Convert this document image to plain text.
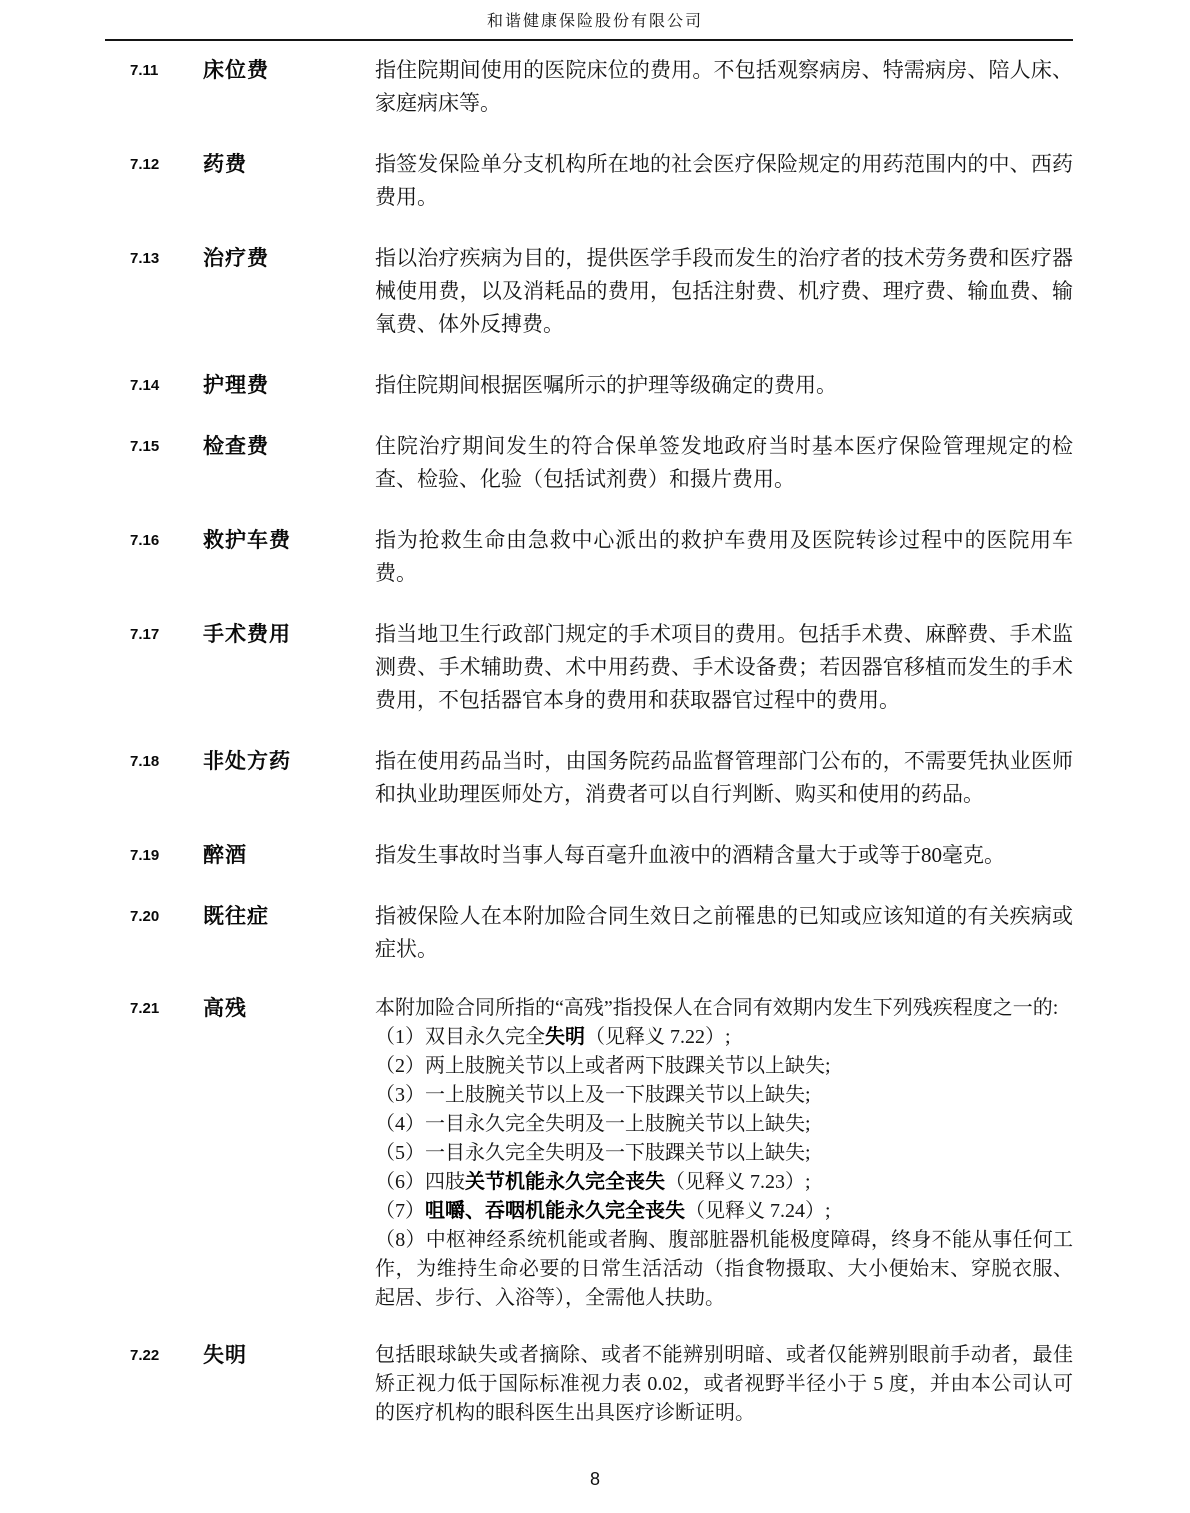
和谐健康保险股份有限公司
7.11	床位费	指住院期间使用的医院床位的费用。不包括观察病房、特需病房、陪人床、家庭病床等。
7.12	药费	指签发保险单分支机构所在地的社会医疗保险规定的用药范围内的中、西药费用。
7.13	治疗费	指以治疗疾病为目的，提供医学手段而发生的治疗者的技术劳务费和医疗器械使用费，以及消耗品的费用，包括注射费、机疗费、理疗费、输血费、输氧费、体外反搏费。
7.14	护理费	指住院期间根据医嘱所示的护理等级确定的费用。
7.15	检查费	住院治疗期间发生的符合保单签发地政府当时基本医疗保险管理规定的检查、检验、化验（包括试剂费）和摄片费用。
7.16	救护车费	指为抢救生命由急救中心派出的救护车费用及医院转诊过程中的医院用车费。
7.17	手术费用	指当地卫生行政部门规定的手术项目的费用。包括手术费、麻醉费、手术监测费、手术辅助费、术中用药费、手术设备费；若因器官移植而发生的手术费用，不包括器官本身的费用和获取器官过程中的费用。
7.18	非处方药	指在使用药品当时，由国务院药品监督管理部门公布的，不需要凭执业医师和执业助理医师处方，消费者可以自行判断、购买和使用的药品。
7.19	醉酒	指发生事故时当事人每百毫升血液中的酒精含量大于或等于80毫克。
7.20	既往症	指被保险人在本附加险合同生效日之前罹患的已知或应该知道的有关疾病或症状。
7.21	高残	本附加险合同所指的“高残”指投保人在合同有效期内发生下列残疾程度之一的:
（1）双目永久完全失明（见释义 7.22）;
（2）两上肢腕关节以上或者两下肢踝关节以上缺失;
（3）一上肢腕关节以上及一下肢踝关节以上缺失;
（4）一目永久完全失明及一上肢腕关节以上缺失;
（5）一目永久完全失明及一下肢踝关节以上缺失;
（6）四肢关节机能永久完全丧失（见释义 7.23）;
（7）咀嚼、吞咽机能永久完全丧失（见释义 7.24）;
（8）中枢神经系统机能或者胸、腹部脏器机能极度障碍，终身不能从事任何工作，为维持生命必要的日常生活活动（指食物摄取、大小便始末、穿脱衣服、起居、步行、入浴等），全需他人扶助。
7.22	失明	包括眼球缺失或者摘除、或者不能辨别明暗、或者仅能辨别眼前手动者，最佳矫正视力低于国际标准视力表 0.02，或者视野半径小于 5 度，并由本公司认可的医疗机构的眼科医生出具医疗诊断证明。
8
